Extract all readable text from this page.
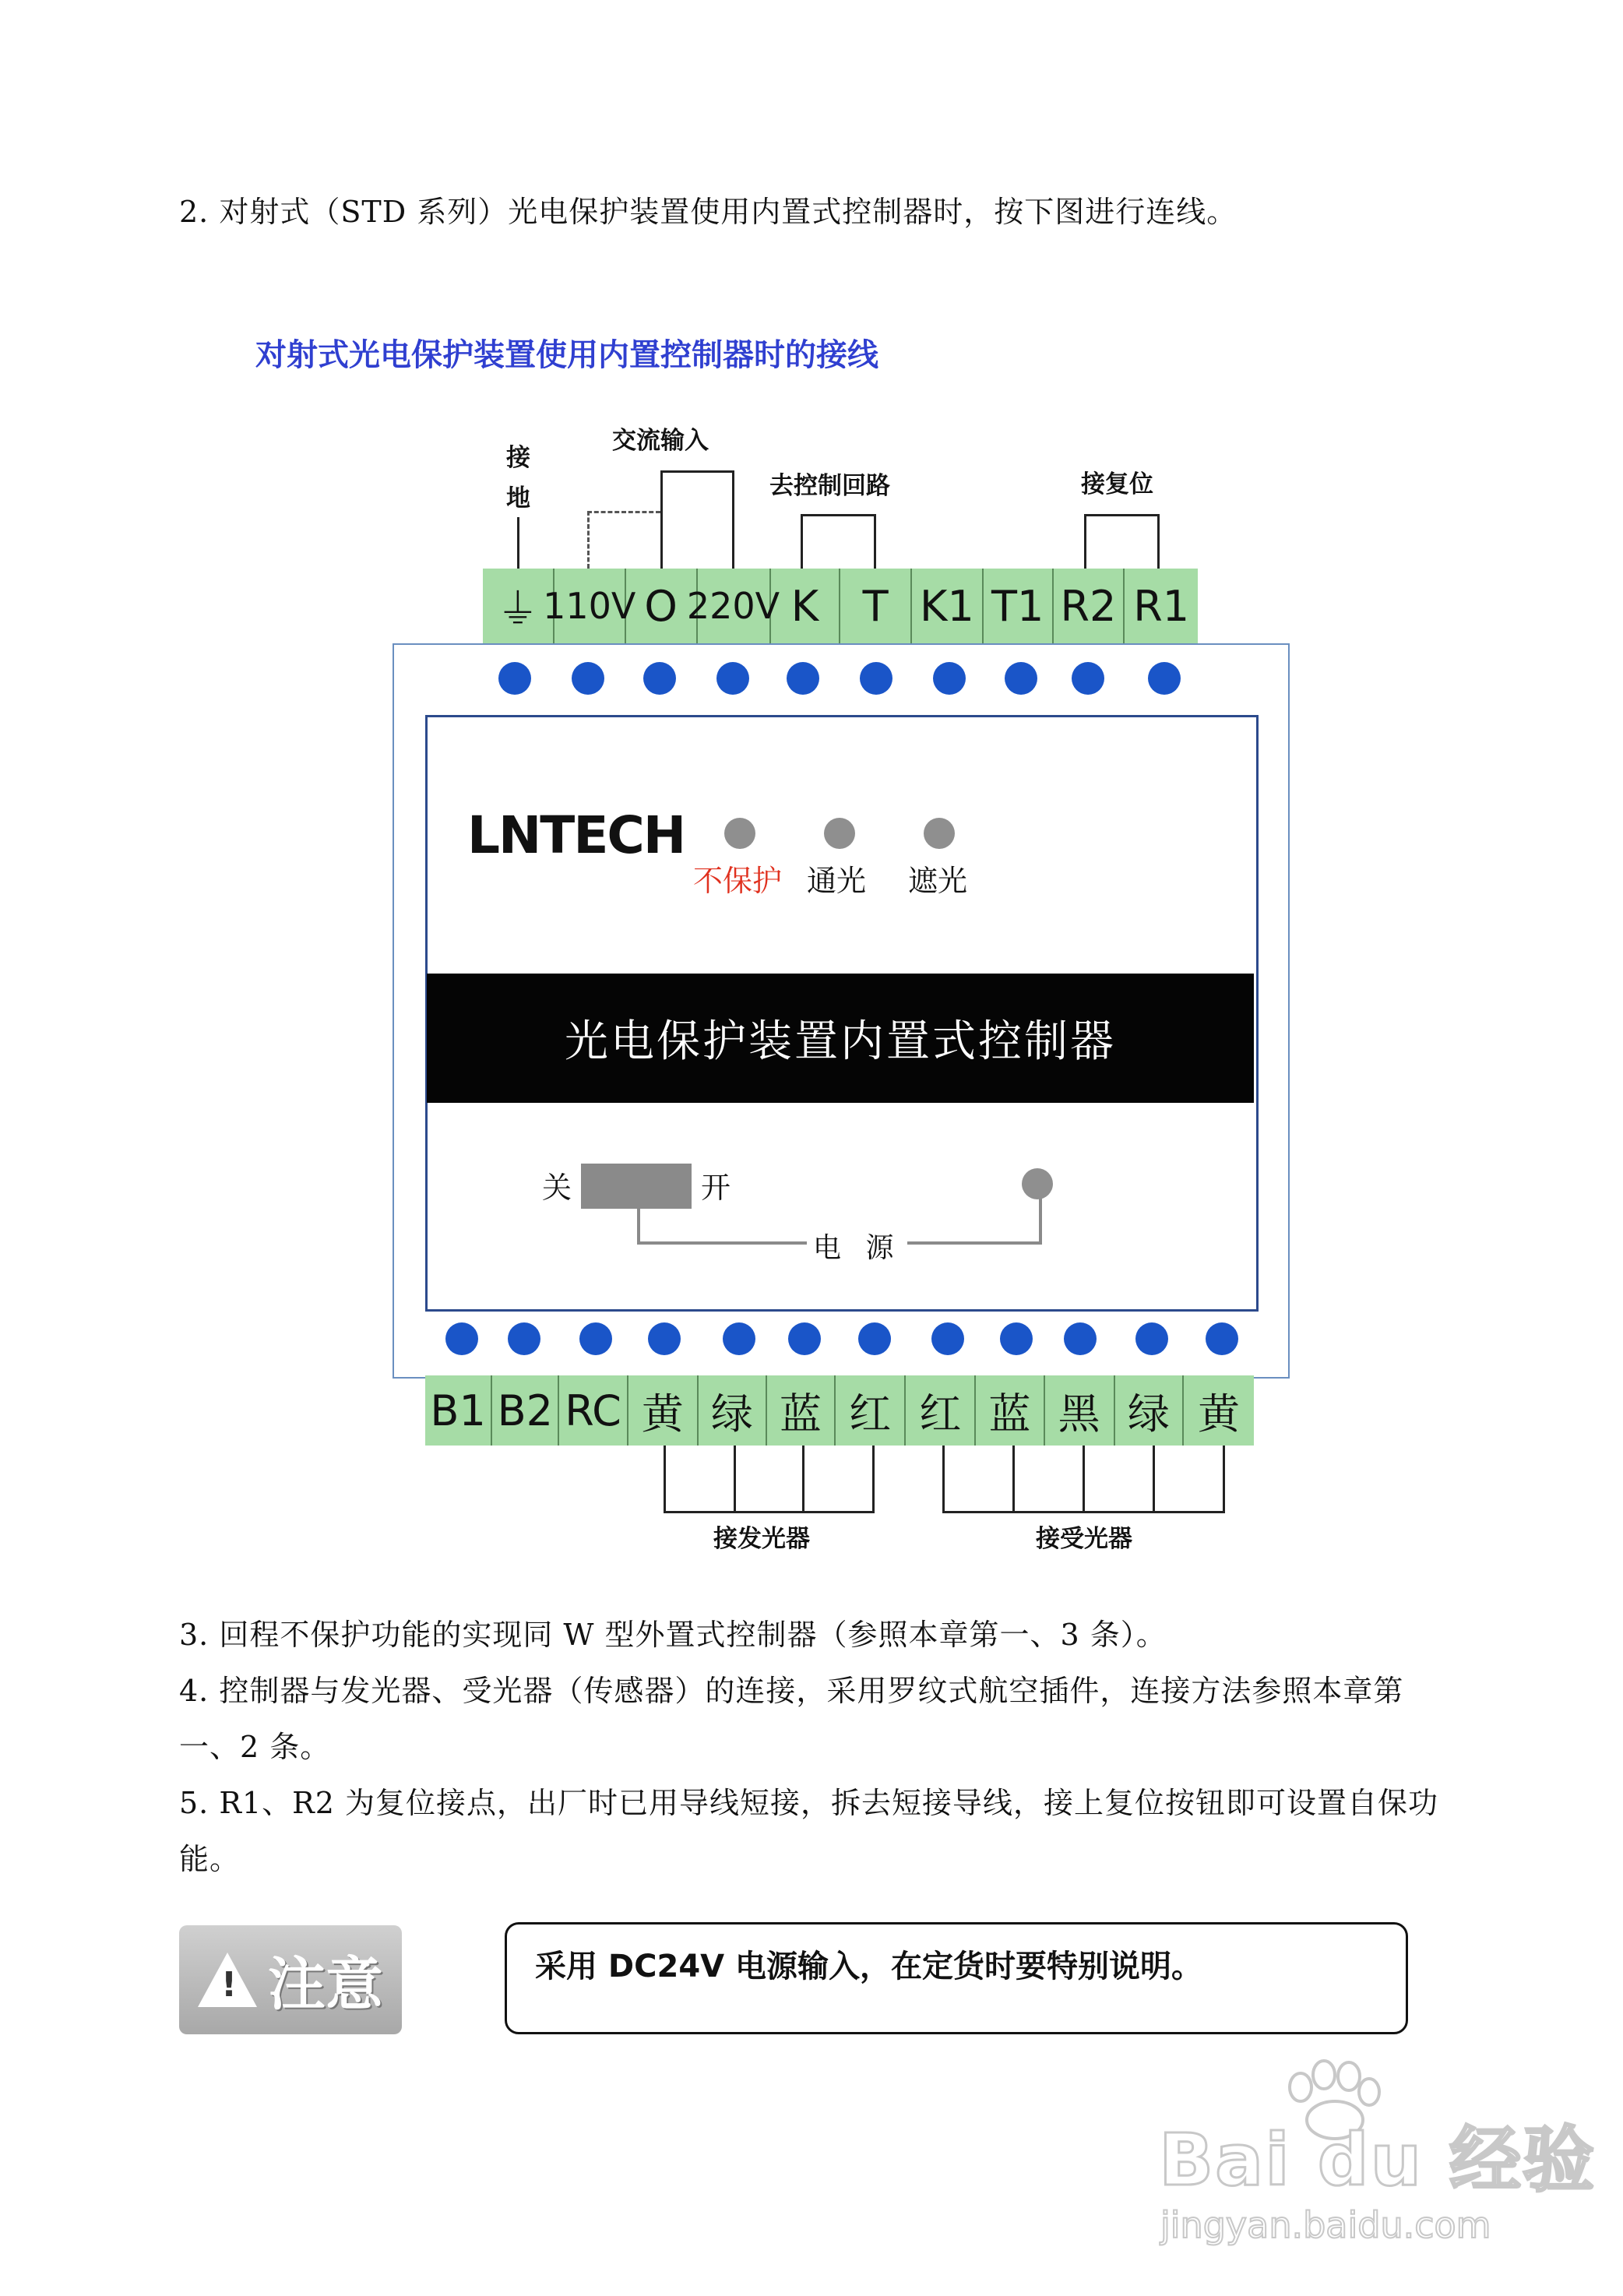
2. 对射式（STD 系列）光电保护装置使用内置式控制器时，按下图进行连线。
对射式光电保护装置使用内置控制器时的接线
接
地
交流输入
去控制回路	接复位
⏚ 110V O 220V K	T K1 T1 R2 R1
LNTECH
不保护 通光 遮光
光电保护装置内置式控制器
关	开
电 源
B1 B2 RC 黄 绿 蓝 红 红 蓝 黑 绿 黄
接发光器	接受光器
3. 回程不保护功能的实现同 W 型外置式控制器（参照本章第一、3 条）。
4. 控制器与发光器、受光器（传感器）的连接，采用罗纹式航空插件，连接方法参照本章第一、2 条。
5. R1、R2 为复位接点，出厂时已用导线短接，拆去短接导线，接上复位按钮即可设置自保功能。
! 注意	采用 DC24V 电源输入，在定货时要特别说明。
Bai du 经验
jingyan.baidu.com
